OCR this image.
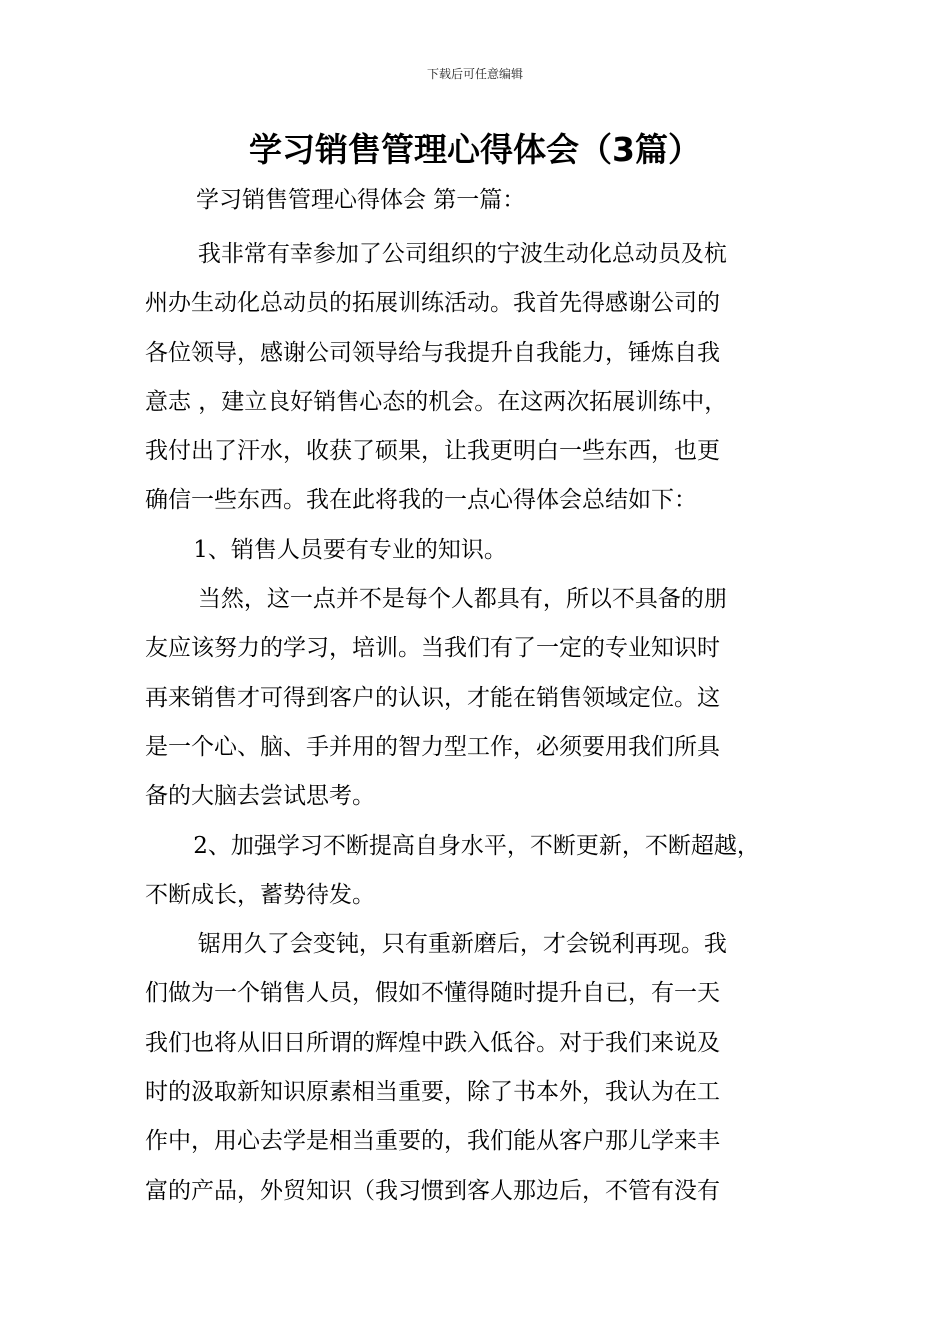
下载后可任意编辑
学习销售管理心得体会（3篇）

学习销售管理心得体会 第一篇：

我非常有幸参加了公司组织的宁波生动化总动员及杭
州办生动化总动员的拓展训练活动。我首先得感谢公司的
各位领导，感谢公司领导给与我提升自我能力，锤炼自我
意志 ，建立良好销售心态的机会。在这两次拓展训练中，
我付出了汗水，收获了硕果，让我更明白一些东西，也更
确信一些东西。我在此将我的一点心得体会总结如下：

1、销售人员要有专业的知识。

当然，这一点并不是每个人都具有，所以不具备的朋
友应该努力的学习，培训。当我们有了一定的专业知识时
再来销售才可得到客户的认识，才能在销售领域定位。这
是一个心、脑、手并用的智力型工作，必须要用我们所具
备的大脑去尝试思考。

2、加强学习不断提高自身水平，不断更新，不断超越，
不断成长，蓄势待发。

锯用久了会变钝，只有重新磨后，才会锐利再现。我
们做为一个销售人员，假如不懂得随时提升自已，有一天
我们也将从旧日所谓的辉煌中跌入低谷。对于我们来说及
时的汲取新知识原素相当重要，除了书本外，我认为在工
作中，用心去学是相当重要的，我们能从客户那儿学来丰
富的产品，外贸知识（我习惯到客人那边后，不管有没有
